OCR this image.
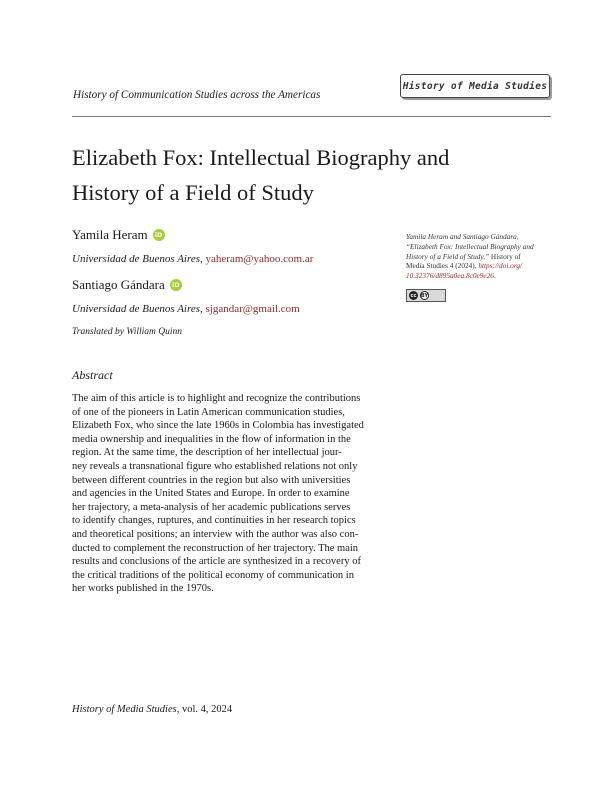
History of Communication Studies across the Americas
History of Media Studies
Elizabeth Fox: Intellectual Biography and
History of a Field of Study
Yamila Heram	iD
Universidad de Buenos Aires, yaheram@yahoo.com.ar
Santiago Gándara	iD
Universidad de Buenos Aires, sjgandar@gmail.com
Translated by William Quinn
Abstract
The aim of this article is to highlight and recognize the contributions
of one of the pioneers in Latin American communication studies,
Elizabeth Fox, who since the late 1960s in Colombia has investigated
media ownership and inequalities in the flow of information in the
region. At the same time, the description of her intellectual jour-
ney reveals a transnational figure who established relations not only
between different countries in the region but also with universities
and agencies in the United States and Europe. In order to examine
her trajectory, a meta-analysis of her academic publications serves
to identify changes, ruptures, and continuities in her research topics
and theoretical positions; an interview with the author was also con-
ducted to complement the reconstruction of her trajectory. The main
results and conclusions of the article are synthesized in a recovery of
the critical traditions of the political economy of communication in
her works published in the 1970s.
Yamila Heram and Santiago Gándara,
“Elizabeth Fox: Intellectual Biography and
History of a Field of Study,” History of
Media Studies 4 (2024), https://doi.org/
10.32376/d895a0ea.8c0e9e26.
cc BY
History of Media Studies, vol. 4, 2024
